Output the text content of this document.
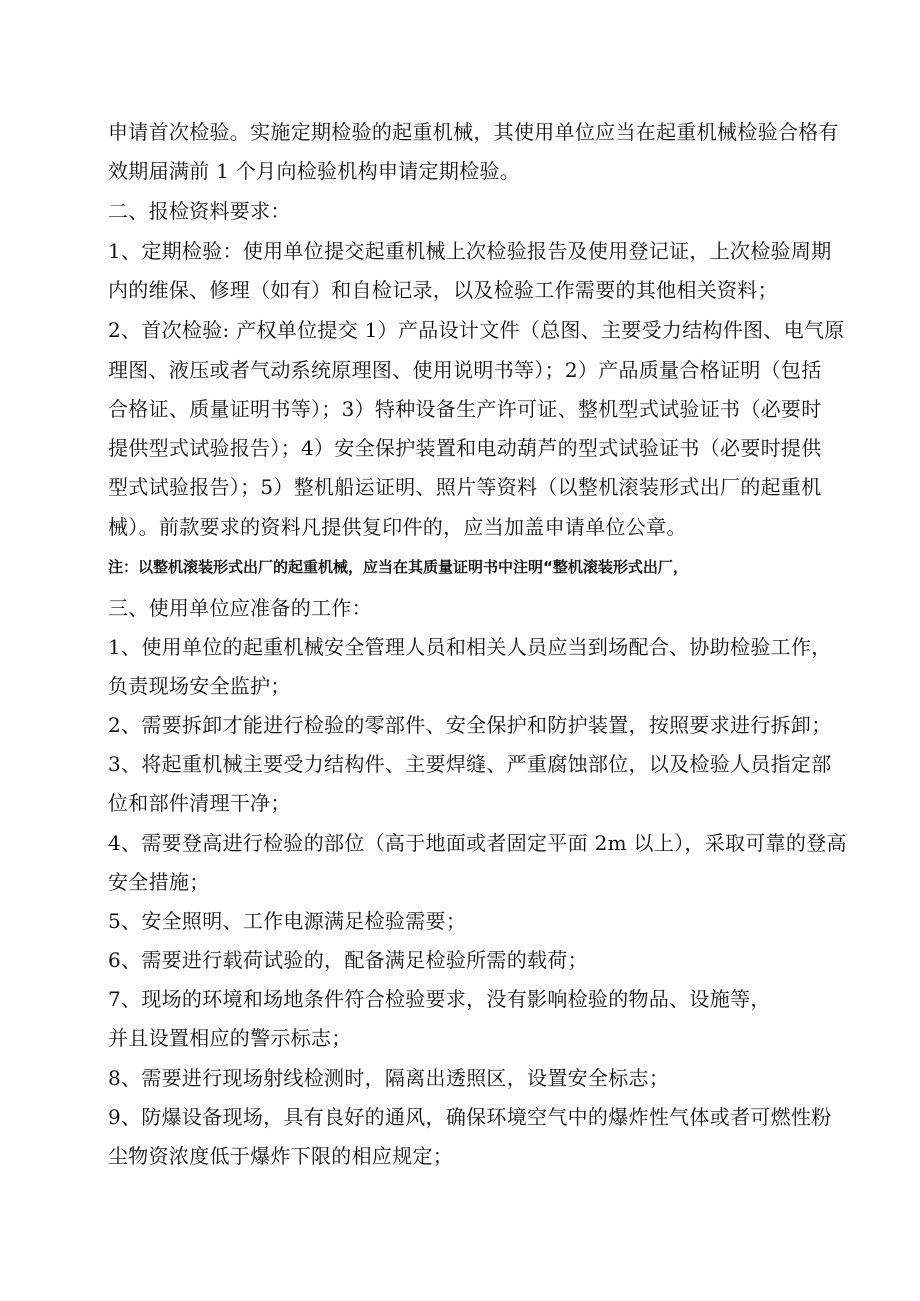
申请首次检验。实施定期检验的起重机械，其使用单位应当在起重机械检验合格有
效期届满前 1 个月向检验机构申请定期检验。
二、报检资料要求：
1、定期检验：使用单位提交起重机械上次检验报告及使用登记证，上次检验周期
内的维保、修理（如有）和自检记录，以及检验工作需要的其他相关资料；
2、首次检验: 产权单位提交 1）产品设计文件（总图、主要受力结构件图、电气原
理图、液压或者气动系统原理图、使用说明书等）；2）产品质量合格证明（包括
合格证、质量证明书等）；3）特种设备生产许可证、整机型式试验证书（必要时
提供型式试验报告）；4）安全保护装置和电动葫芦的型式试验证书（必要时提供
型式试验报告）；5）整机船运证明、照片等资料（以整机滚装形式出厂的起重机
械）。前款要求的资料凡提供复印件的，应当加盖申请单位公章。
注：以整机滚装形式出厂的起重机械，应当在其质量证明书中注明“整机滚装形式出厂，
三、使用单位应准备的工作：
1、使用单位的起重机械安全管理人员和相关人员应当到场配合、协助检验工作，
负责现场安全监护；
2、需要拆卸才能进行检验的零部件、安全保护和防护装置，按照要求进行拆卸；
3、将起重机械主要受力结构件、主要焊缝、严重腐蚀部位，以及检验人员指定部
位和部件清理干净；
4、需要登高进行检验的部位（高于地面或者固定平面 2m 以上），采取可靠的登高
安全措施；
5、安全照明、工作电源满足检验需要；
6、需要进行载荷试验的，配备满足检验所需的载荷；
7、现场的环境和场地条件符合检验要求，没有影响检验的物品、设施等，
并且设置相应的警示标志；
8、需要进行现场射线检测时，隔离出透照区，设置安全标志；
9、防爆设备现场，具有良好的通风，确保环境空气中的爆炸性气体或者可燃性粉
尘物资浓度低于爆炸下限的相应规定；
